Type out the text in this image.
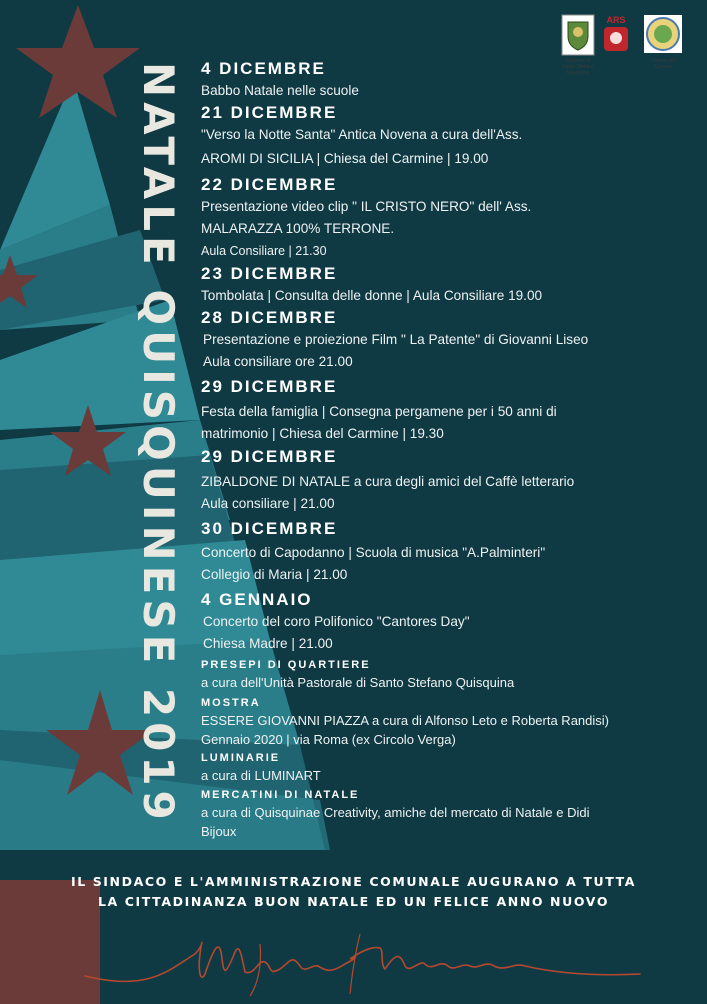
NATALE QUISQUINESE 2019
Comune di
Santo Stefano
Quisquina
ARS
Unione dei
Comuni
4 DICEMBRE
Babbo Natale nelle scuole
21 DICEMBRE
"Verso la Notte Santa" Antica Novena a cura dell'Ass.
AROMI DI SICILIA | Chiesa del Carmine | 19.00
22 DICEMBRE
Presentazione video clip " IL CRISTO NERO" dell' Ass.
MALARAZZA 100% TERRONE.
Aula Consiliare | 21.30
23 DICEMBRE
Tombolata | Consulta delle donne | Aula Consiliare 19.00
28 DICEMBRE
Presentazione e proiezione Film " La Patente" di Giovanni Liseo
Aula consiliare ore 21.00
29 DICEMBRE
Festa della famiglia | Consegna pergamene per i 50 anni di
matrimonio | Chiesa del Carmine | 19.30
29 DICEMBRE
ZIBALDONE DI NATALE a cura degli amici del Caffè letterario
Aula consiliare | 21.00
30 DICEMBRE
Concerto di Capodanno | Scuola di musica "A.Palminteri"
Collegio di Maria | 21.00
4 GENNAIO
Concerto del coro Polifonico "Cantores Day"
Chiesa Madre | 21.00
PRESEPI DI QUARTIERE
a cura dell'Unità Pastorale di Santo Stefano Quisquina
MOSTRA
ESSERE GIOVANNI PIAZZA a cura di Alfonso Leto e Roberta Randisi)
Gennaio 2020 | via Roma (ex Circolo Verga)
LUMINARIE
a cura di LUMINART
MERCATINI DI NATALE
a cura di Quisquinae Creativity, amiche del mercato di Natale e Didi
Bijoux
IL SINDACO E L'AMMINISTRAZIONE COMUNALE AUGURANO A TUTTA
LA CITTADINANZA BUON NATALE ED UN FELICE ANNO NUOVO
